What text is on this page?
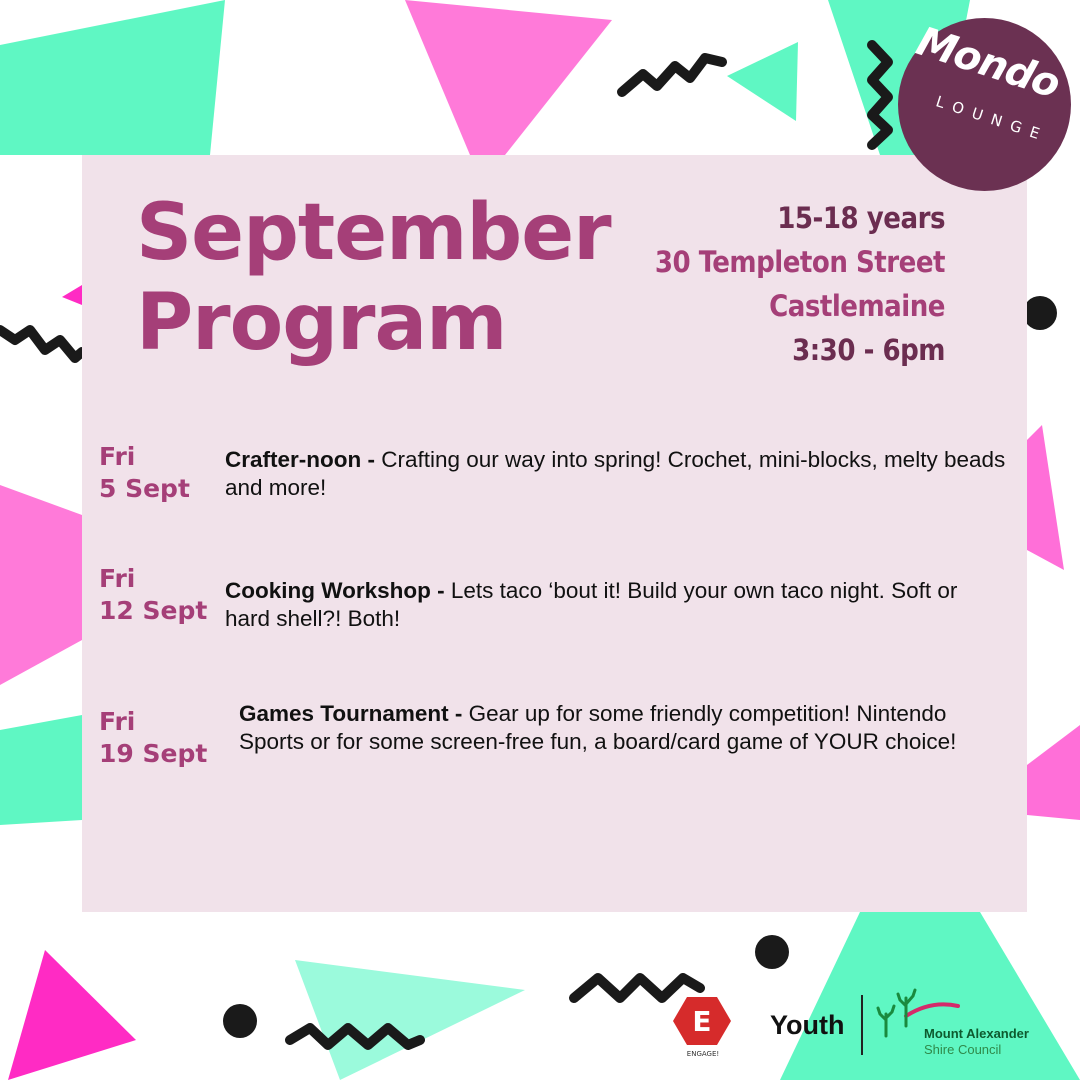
September
Program
15-18 years
30 Templeton Street
Castlemaine
3:30 - 6pm
Fri
5 Sept
Crafter-noon - Crafting our way into spring! Crochet, mini-blocks, melty beads and more!
Fri
12 Sept
Cooking Workshop - Lets taco ‘bout it! Build your own taco night. Soft or hard shell?! Both!
Fri
19 Sept
Games Tournament - Gear up for some friendly competition! Nintendo Sports or for some screen-free fun, a board/card game of YOUR choice!
Mondo
LOUNGE
E
ENGAGE!
Youth	Mount Alexander
Shire Council
